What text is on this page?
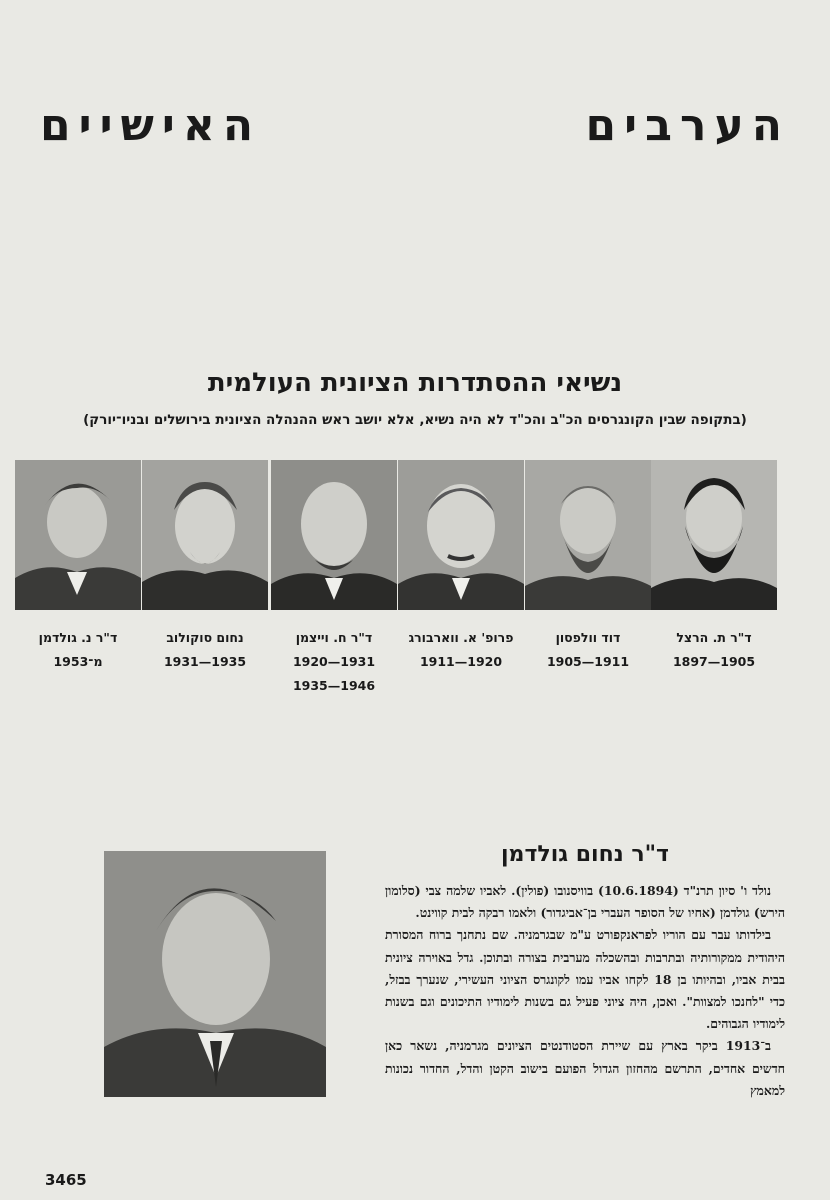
הערבים האישיים
נשיאי ההסתדרות הציונית העולמית
(בתקופה שבין הקונגרסים הכ"ב והכ"ד לא היה נשיא, אלא יושב ראש ההנהלה הציונית בירושלים ובניו־יורק)
ד"ר ת. הרצל
1905—1897
דוד וולפסון
1911—1905
פרופ' א. ווארבורג
1920—1911
ד"ר ח. וייצמן
1931—1920
1946—1935
נחום סוקולוב
1935—1931
ד"ר נ. גולדמן
מ־1953
ד"ר נחום גולדמן

נולד ו' סיון תרנ"ד (10.6.1894) בוויסנובו (פולין). לאביו שלמה צבי (סלומון הירש) גולדמן (אחיו של הסופר העברי בן־אביגדור) ולאמו רבקה לבית קווינט.

בילדותו עבר עם הוריו לפראנקפורט ע"מ שבגרמניה. שם נתחנך ברוח המסורת היהודית ממקורותיה ובתרבות ובהשכלה מערבית בצורה ובתוכן. גדל באוירה ציונית בבית אביו, ובהיותו בן 18 לקחו אביו עמו לקונגרס הציוני העשירי, שנערך בבזל, כדי "לחנכו למצוות". ואכן, היה ציוני פעיל גם בשנות לימודיו התיכונים וגם בשנות לימודיו הגבוהים.

ב־1913 ביקר בארץ עם שיירת הסטודנטים הציונים מגרמניה, נשאר כאן חדשים אחדים, התרשם מהחזון הגדול הפועם בישוב הקטן והדל, החדור נכונות למאמץ

3465
